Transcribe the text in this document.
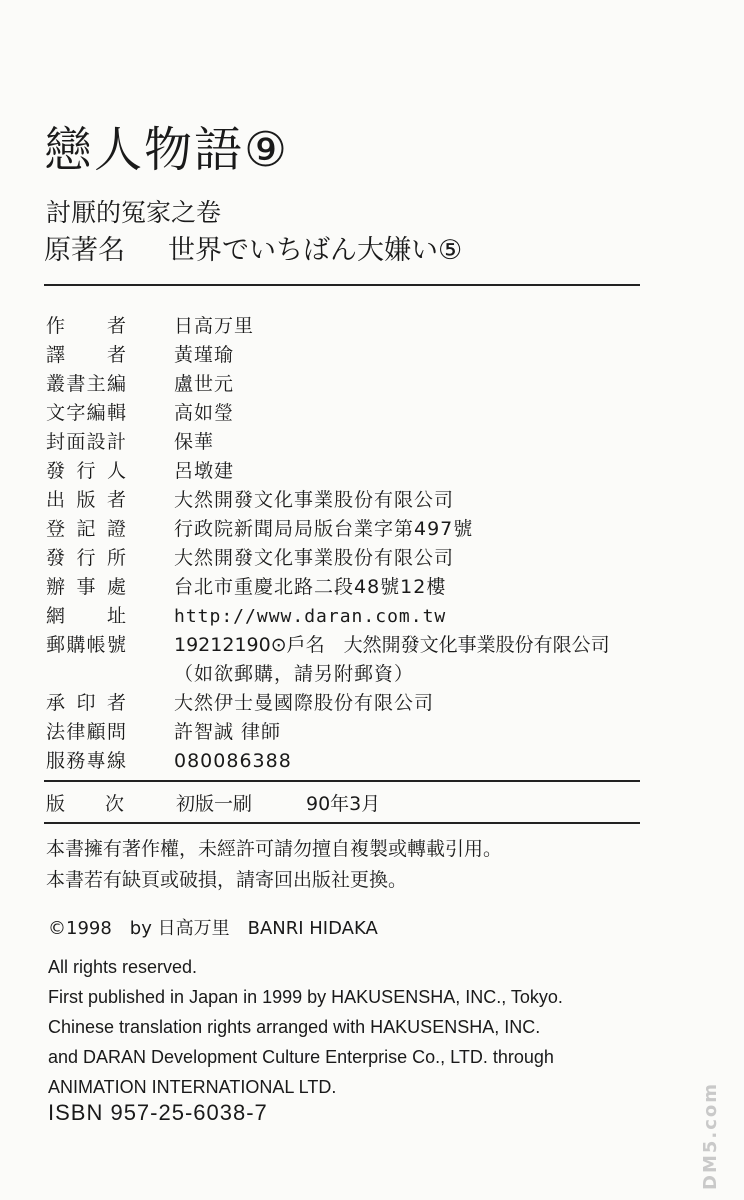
戀人物語⑨
討厭的冤家之卷
原著名 世界でいちばん大嫌い⑤
作 者	日高万里
譯 者	黃瑾瑜
叢 書 主 編	盧世元
文 字 編 輯	高如瑩
封 面 設 計	保華
發 行 人	呂墩建
出 版 者	大然開發文化事業股份有限公司
登 記 證	行政院新聞局局版台業字第497號
發 行 所	大然開發文化事業股份有限公司
辦 事 處	台北市重慶北路二段48號12樓
網 址	http://www.daran.com.tw
郵 購 帳 號	19212190⊙戶名　大然開發文化事業股份有限公司
（如欲郵購，請另附郵資）
承 印 者	大然伊士曼國際股份有限公司
法 律 顧 問	許智誠 律師
服 務 專 線	080086388
版次 初版一刷	90年3月
本書擁有著作權，未經許可請勿擅自複製或轉載引用。
本書若有缺頁或破損，請寄回出版社更換。
©1998　by 日高万里　BANRI HIDAKA
All rights reserved.
First published in Japan in 1999 by HAKUSENSHA, INC., Tokyo.
Chinese translation rights arranged with HAKUSENSHA, INC.
and DARAN Development Culture Enterprise Co., LTD. through
ANIMATION INTERNATIONAL LTD.
ISBN 957-25-6038-7	DM5.com
